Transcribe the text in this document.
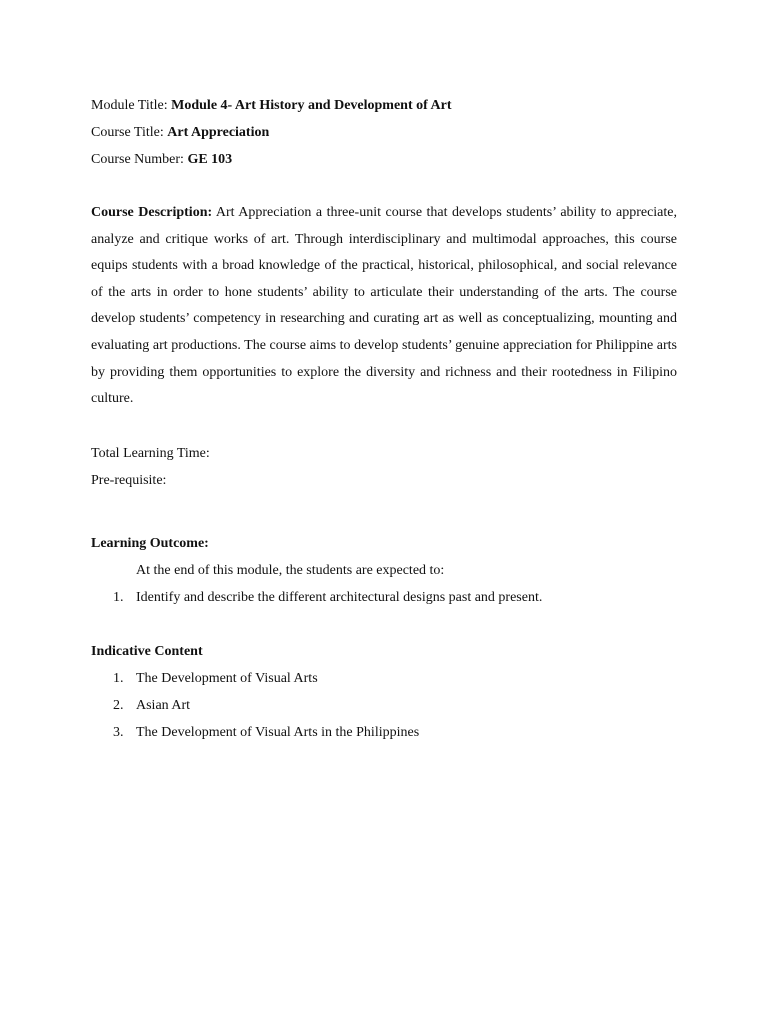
Module Title: Module 4- Art History and Development of Art
Course Title: Art Appreciation
Course Number: GE 103

Course Description: Art Appreciation a three-unit course that develops students’ ability to appreciate, analyze and critique works of art. Through interdisciplinary and multimodal approaches, this course equips students with a broad knowledge of the practical, historical, philosophical, and social relevance of the arts in order to hone students’ ability to articulate their understanding of the arts. The course develop students’ competency in researching and curating art as well as conceptualizing, mounting and evaluating art productions. The course aims to develop students’ genuine appreciation for Philippine arts by providing them opportunities to explore the diversity and richness and their rootedness in Filipino culture.

Total Learning Time:
Pre-requisite:
Learning Outcome:
At the end of this module, the students are expected to:
1. Identify and describe the different architectural designs past and present.
Indicative Content
1. The Development of Visual Arts
2. Asian Art
3. The Development of Visual Arts in the Philippines
